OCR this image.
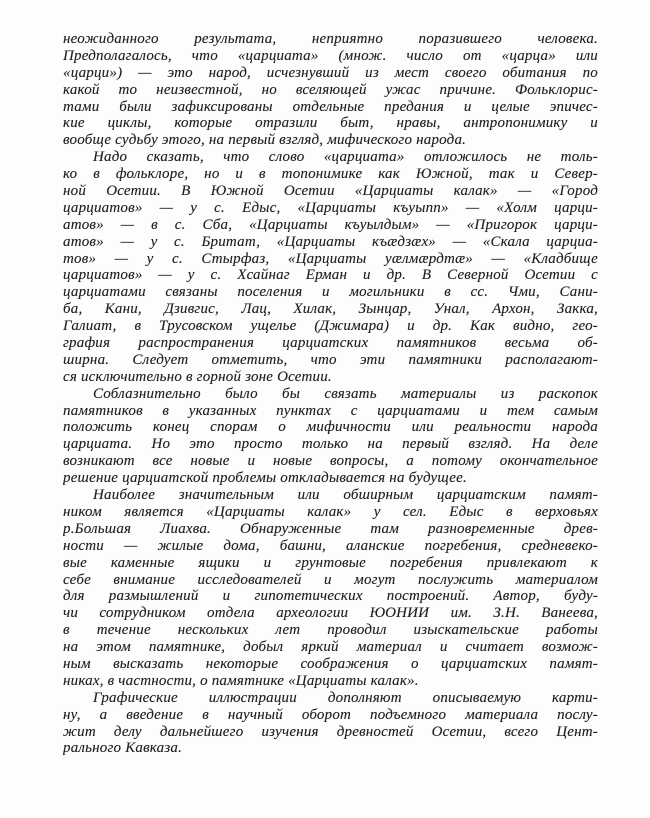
неожиданного результата, неприятно поразившего человека.
Предполагалось, что «царциата» (множ. число от «царца» или
«царци») — это народ, исчезнувший из мест своего обитания по
какой то неизвестной, но вселяющей ужас причине. Фольклорис-
тами были зафиксированы отдельные предания и целые эпичес-
кие циклы, которые отразили быт, нравы, антропонимику и
вообще судьбу этого, на первый взгляд, мифического народа.
Надо сказать, что слово «царциата» отложилось не толь-
ко в фольклоре, но и в топонимике как Южной, так и Север-
ной Осетии. В Южной Осетии «Царциаты калак» — «Город
царциатов» — у с. Едыс, «Царциаты къуыпп» — «Холм царци-
атов» — в с. Сба, «Царциаты къуылдым» — «Пригорок царци-
атов» — у с. Бритат, «Царциаты къæдзæх» — «Скала царциа-
тов» — у с. Стырфаз, «Царциаты уæлмæрдтæ» — «Кладбище
царциатов» — у с. Хсайнаг Ерман и др. В Северной Осетии с
царциатами связаны поселения и могильники в сс. Чми, Сани-
ба, Кани, Дзивгис, Лац, Хилак, Зынцар, Унал, Архон, Закка,
Галиат, в Трусовском ущелье (Джимара) и др. Как видно, гео-
графия распространения царциатских памятников весьма об-
ширна. Следует отметить, что эти памятники располагают-
ся исключительно в горной зоне Осетии.
Соблазнительно было бы связать материалы из раскопок
памятников в указанных пунктах с царциатами и тем самым
положить конец спорам о мифичности или реальности народа
царциата. Но это просто только на первый взгляд. На деле
возникают все новые и новые вопросы, а потому окончательное
решение царциатской проблемы откладывается на будущее.
Наиболее значительным или обширным царциатским памят-
ником является «Царциаты калак» у сел. Едыс в верховьях
р.Большая Лиахва. Обнаруженные там разновременные древ-
ности — жилые дома, башни, аланские погребения, средневеко-
вые каменные ящики и грунтовые погребения привлекают к
себе внимание исследователей и могут послужить материалом
для размышлений и гипотетических построений. Автор, буду-
чи сотрудником отдела археологии ЮОНИИ им. З.Н. Ванеева,
в течение нескольких лет проводил изыскательские работы
на этом памятнике, добыл яркий материал и считает возмож-
ным высказать некоторые соображения о царциатских памят-
никах, в частности, о памятнике «Царциаты калак».
Графические иллюстрации дополняют описываемую карти-
ну, а введение в научный оборот подъемного материала послу-
жит делу дальнейшего изучения древностей Осетии, всего Цент-
рального Кавказа.
